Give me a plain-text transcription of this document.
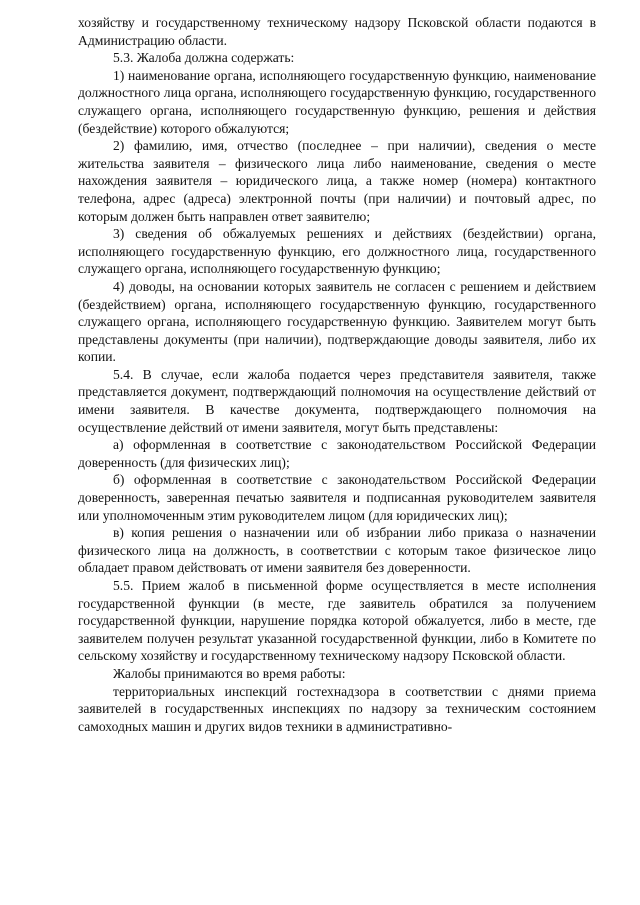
хозяйству и государственному техническому надзору Псковской области подаются в Администрацию области.

5.3. Жалоба должна содержать:

1) наименование органа, исполняющего государственную функцию, наименование должностного лица органа, исполняющего государственную функцию, государственного служащего органа, исполняющего государственную функцию, решения и действия (бездействие) которого обжалуются;

2) фамилию, имя, отчество (последнее – при наличии), сведения о месте жительства заявителя – физического лица либо наименование, сведения о месте нахождения заявителя – юридического лица, а также номер (номера) контактного телефона, адрес (адреса) электронной почты (при наличии) и почтовый адрес, по которым должен быть направлен ответ заявителю;

3) сведения об обжалуемых решениях и действиях (бездействии) органа, исполняющего государственную функцию, его должностного лица, государственного служащего органа, исполняющего государственную функцию;

4) доводы, на основании которых заявитель не согласен с решением и действием (бездействием) органа, исполняющего государственную функцию, государственного служащего органа, исполняющего государственную функцию. Заявителем могут быть представлены документы (при наличии), подтверждающие доводы заявителя, либо их копии.

5.4. В случае, если жалоба подается через представителя заявителя, также представляется документ, подтверждающий полномочия на осуществление действий от имени заявителя. В качестве документа, подтверждающего полномочия на осуществление действий от имени заявителя, могут быть представлены:

а) оформленная в соответствие с законодательством Российской Федерации доверенность (для физических лиц);

б) оформленная в соответствие с законодательством Российской Федерации доверенность, заверенная печатью заявителя и подписанная руководителем заявителя или уполномоченным этим руководителем лицом (для юридических лиц);

в) копия решения о назначении или об избрании либо приказа о назначении физического лица на должность, в соответствии с которым такое физическое лицо обладает правом действовать от имени заявителя без доверенности.

5.5. Прием жалоб в письменной форме осуществляется в месте исполнения государственной функции (в месте, где заявитель обратился за получением государственной функции, нарушение порядка которой обжалуется, либо в месте, где заявителем получен результат указанной государственной функции, либо в Комитете по сельскому хозяйству и государственному техническому надзору Псковской области.

Жалобы принимаются во время работы:

территориальных инспекций гостехнадзора в соответствии с днями приема заявителей в государственных инспекциях по надзору за техническим состоянием самоходных машин и других видов техники в административно-
